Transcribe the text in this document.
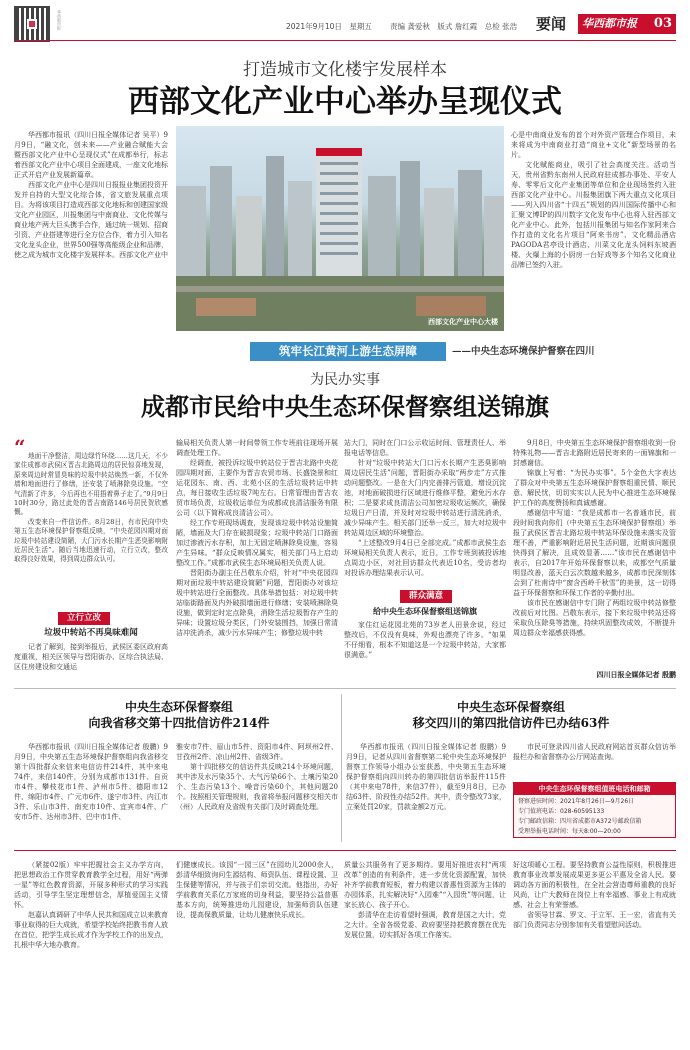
华西都市报	2021年9月10日　星期五 责编 龚爱秋　版式 詹红霞　总检 张浩 要闻 华西都市报 03
打造城市文化楼宇发展样本
西部文化产业中心举办呈现仪式

华西都市报讯（四川日报全媒体记者 吴平）9月9日，“融文化，创未来——产业融合赋能大会暨西部文化产业中心呈现仪式”在成都举行，标志着西部文化产业中心项目全面建成，一座文化地标正式开启产业发展新篇章。

西部文化产业中心是四川日报报业集团投资开发并自持的大型文化综合体，省文旅发展重点项目。为将该项目打造成西部文化地标和创建国家级文化产业园区，川报集团与中南商业、文化传媒与商业地产两大巨头携手合作，通过统一规划、招商引资、产业搭建等进行全方位合作，着力引入知名文化龙头企业，世界500强等高能级企业和品牌，使之成为城市文化楼宇发展样本。西部文化产业中

西部文化产业中心大楼

心是中南商业发布的首个对外资产管理合作项目，未来将成为中南商业打造“商业+文化”新型场景的名片。

文化赋能商业，吸引了社会高度关注。活动当天，贵州省黔东南州人民政府驻成都办事处、平安人寿、零零后文化产业集团等单位和企业现场签约入驻西部文化产业中心。川报集团旗下两大重点文化项目——列入四川省“十四五”规划的四川国际传播中心和汇聚文博IP的四川数字文化发布中心也将入驻西部文化产业中心。此外，包括川报集团与知名作家阿来合作打造的文化名片项目“阿来书房”、文化精品酒店PAGODA君亭设计酒店、川菜文化龙头饲料东坡酒楼、火爆上海的小厨房一台好戏等多个知名文化商业品牌已签约入驻。

筑牢长江黄河上游生态屏障	——中央生态环境保护督察在四川
为民办实事
成都市民给中央生态环保督察组送锦旗
“ 地面干净整洁，周边绿竹环绕……这几天，不少家住成都市武侯区晋吉北路周边的居民惊喜地发现，原来周边时常冒臭味的垃圾中转站焕然一新，不仅外墙和地面进行了修缮，还安装了喷淋除臭设施。“空气清新了许多，今后再也不用捂着鼻子走了。”9月9日10时30分，路过此处的晋吉南路146号居民贺欣感慨。

改变来自一件信访件。8月28日，有市民向中央第五生态环境保护督察组反映，“中央花园四期对面垃圾中转站建设简陋，大门污水长期产生恶臭影响附近居民生活”。随后当地迅速行动，立行立改，整改取得良好效果，得到周边群众认可。

立行立改
垃圾中转站不再臭味难闻

记者了解到，接到举报后，武侯区委区政府高度重视，相关区领导与晋阳街办、区综合执法局、区住房建设和交通运

输局相关负责人第一时间带领工作专班前往现场开展调查处理工作。

经调查，被投诉垃圾中转站位于晋吉北路中央花园四期对面，主要作为晋吉农贸市场、长盛饶景和红运花园东、南、西、北苑小区的生活垃圾转运中转点，每日接收生活垃圾7吨左右。日常管理由晋吉农贸市场负责，垃圾收运单位为成都成良清洁服务有限公司（以下简称成良清洁公司）。

经工作专班现场调查，发现该垃圾中转站设施简陋，墙面及大门存在破损现象；垃圾中转站门口路面加过渗液污水存积，加上无固定喷淋除臭设施，容易产生异味。“群众反映情况属实，相关部门马上启动整改工作。”成都市武侯生态环境局相关负责人说。

晋阳街办副主任吕敬东介绍，针对“中央花园四期对面垃圾中转站建设简陋”问题，晋阳街办对该垃圾中转站进行全面整改。具体举措包括：对垃圾中转站临街路面及内外破损墙面进行修缮；安装喷淋除臭设施，做到定时定点除臭，消除生活垃圾暂存产生的异味；设置垃圾分类区，门外安装围挡，加强日常清洁冲洗消杀，减少污水异味产生；修整垃圾中转

站大门，同时在门口公示收运时间、管理责任人、举报电话等信息。

针对“垃圾中转站大门口污水长期产生恶臭影响周边居民生活”问题，晋阳街办采取“两步走”方式推动问题整改。一是在大门内完善排污管道，增设沉淀池，对地面破损进行区域进行维修平整，避免污水存积；二是要求成良清洁公司加密垃圾收运频次，确保垃圾日产日清，并及时对垃圾中转站进行清洗消杀，减少异味产生。相关部门还举一反三，加大对垃圾中转站周边区域的环境整治。

“上述整改9月4日已全部完成。”成都市武侯生态环境局相关负责人表示，近日，工作专班到被投诉地点周边小区，对社回访群众代表近10名，受访者均对投诉办理结果表示认可。

群众满意
给中央生态环保督察组送锦旗

家住红运花园北苑的73岁老人田景余说，经过整改后，不仅没有臭味，外观也漂亮了许多。“如果不仔细看，根本不知道这是一个垃圾中转站，大家都很满意。”

9月8日，中央第五生态环境保护督察组收到一份特殊礼物——晋吉北路附近居民寄来的一面锦旗和一封感谢信。

锦旗上写着：“为民办实事”。5个金色大字表达了群众对中央第五生态环境保护督察组重民情、顺民意、解民忧，切切实实以人民为中心推进生态环境保护工作的高度赞扬和真诚感谢。

感谢信中写道：“我是成都市一名普通市民，前段时间我向你们（中央第五生态环境保护督察组）举报了武侯区晋吉北路垃圾中转站环保设施未落实及管理不善，严重影响附近居民生活问题，近期该问题很快得到了解决，且成效显著……”该市民在感谢信中表示，自2017年开始环保督察以来，成都空气质量明显改善，蓝天白云次数越来越多，成都市民深刻体会到了杜甫诗中“窗含西岭千秋雪”的美景，这一切得益于环保督察和环保工作者的辛勤付出。

该市民在感谢信中专门附了两组垃圾中转站修整改前后对比图。吕敬东表示，接下来垃圾中转站还将采取负压除臭等措施，持续巩固整改成效，不断提升周边群众幸福感获得感。

四川日报全媒体记者 殷鹏
中央生态环保督察组
向我省移交第十四批信访件214件

华西都市报讯（四川日报全媒体记者 殷鹏）9月9日，中央第五生态环境保护督察组向我省移交第十四批群众来信来电信访件214件，其中来电74件，来信140件，分别为成都市131件、自贡市4件、攀枝花市1件、泸州市5件、德阳市12件、绵阳市4件、广元市6件、遂宁市3件、内江市3件、乐山市3件、南充市10件、宜宾市4件、广安市5件、达州市3件、巴中市1件、

雅安市7件、眉山市5件、资阳市4件、阿坝州2件、甘孜州2件、凉山州2件、省级3件。

第十四批移交的信访件共反映214个环境问题，其中涉及水污染35个、大气污染66个、土壤污染20个、生态污染13个、噪音污染60个，其他问题20个。按照相关管理规则，我省将举报问题移交相关市（州）人民政府及省级有关部门及时调查处理。

中央生态环保督察组
移交四川的第四批信访件已办结63件

华西都市报讯（四川日报全媒体记者 殷鹏）9月9日，记者从四川省督察第二轮中央生态环境保护督察工作领导小组办公室获悉，中央第五生态环境保护督察组向四川转办的第四批信访举报件115件（其中来电78件，来信37件），截至9月8日，已办结63件、阶段性办结52件。其中，责令整改73家，立案处罚20家，罚款金额2万元。

市民可登录四川省人民政府网站首页群众信访举报栏办和省督察办公厅网站查询。

中央生态环保督察组值班电话和邮箱
督察进驻时间：2021年8月26日—9月26日
专门值班电话：028-60595133
专门邮政信箱：四川省成都市A372号邮政信箱
受理举报电话时间：每天8:00—20:00

（紧接02版）牢牢把握社会主义办学方向，把思想政治工作贯穿教育教学全过程，用好“两弹一星”等红色教育资源，开展多种形式的学习实践活动，引导学生坚定理想信念，厚植爱国主义情怀。

赵嘉认真调研了中华人民共和国成立以来教育事业取得的巨大成就，希望学校始终把教书育人放在首位，把学生成长成才作为学校工作的出发点，扎根中华大地办教育。

们健康成长。该园“一园三区”在园幼儿2000余人，彭清华细致询问生源结构、师资队伍、课程设置、卫生保健等情况，并与孩子们亲切交流。他指出，办好学前教育关系亿万家庭的切身利益，要坚持公益普惠基本方向，统筹推进幼儿园建设，加强师资队伍建设，提高保教质量，让幼儿健康快乐成长。

质量公共服务有了更多期待。要用好推进农村“两项改革”创造的有利条件，进一步优化资源配置，加快补齐学前教育短板，着力构建以普惠性资源为主体的办园体系，扎实解决好“入园难”“入园贵”等问题，让家长放心、孩子开心。

彭清华在走访看望时强调，教育是国之大计、党之大计。全省各级党委、政府要坚持把教育摆在优先发展位置，切实抓好各项工作落实。

好这项暖心工程。要坚持教育公益性原则，积极推进教育事业改革发展成果更多更公平惠及全省人民。要调动各方面的积极性，在全社会营造尊师重教的良好风尚，让广大教师在岗位上有幸福感、事业上有成就感、社会上有荣誉感。

省领导甘霖、罗文、于立军、王一宏，省直有关部门负责同志分别参加有关看望慰问活动。
